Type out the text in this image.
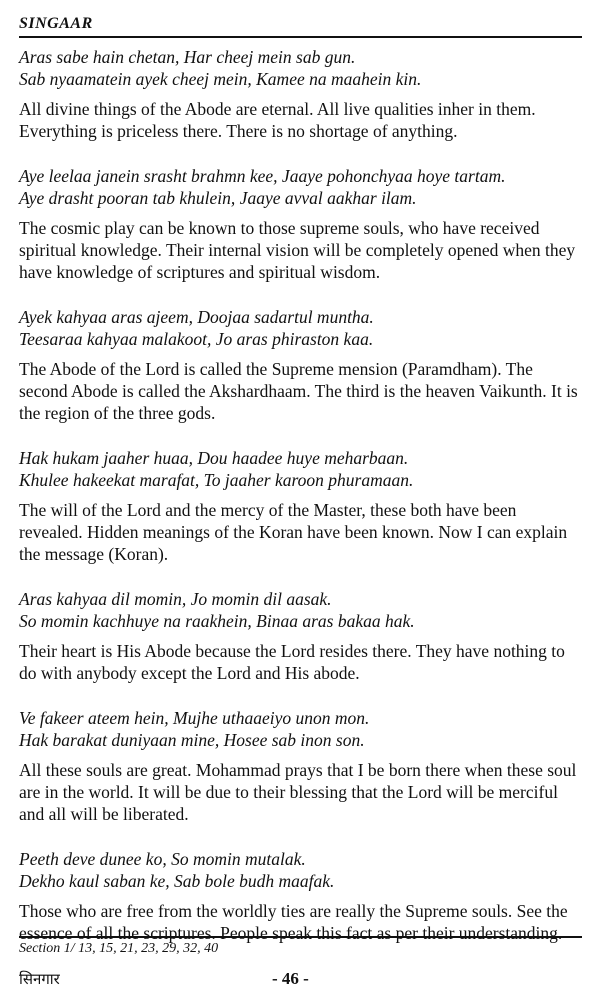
SINGAAR

Aras sabe hain chetan, Har cheej mein sab gun.

Sab nyaamatein ayek cheej mein, Kamee na maahein kin.

All divine things of the Abode are eternal. All live qualities inher in them. Everything is priceless there. There is no shortage of anything.

Aye leelaa janein srasht brahmn kee, Jaaye pohonchyaa hoye tartam.

Aye drasht pooran tab khulein, Jaaye avval aakhar ilam.

The cosmic play can be known to those supreme souls, who have received spiritual knowledge. Their internal vision will be completely opened when they have knowledge of scriptures and spiritual wisdom.

Ayek kahyaa aras ajeem, Doojaa sadartul muntha.

Teesaraa kahyaa malakoot, Jo aras phiraston kaa.

The Abode of the Lord is called the Supreme mension (Paramdham). The second Abode is called the Akshardhaam. The third is the heaven Vaikunth. It is the region of the three gods.

Hak hukam jaaher huaa, Dou haadee huye meharbaan.

Khulee hakeekat marafat, To jaaher karoon phuramaan.

The will of the Lord and the mercy of the Master, these both have been revealed. Hidden meanings of the Koran have been known. Now I can explain the message (Koran).

Aras kahyaa dil momin, Jo momin dil aasak.

So momin kachhuye na raakhein, Binaa aras bakaa hak.

Their heart is His Abode because the Lord resides there. They have nothing to do with anybody except the Lord and His abode.

Ve fakeer ateem hein, Mujhe uthaaeiyo unon mon.

Hak barakat duniyaan mine, Hosee sab inon son.

All these souls are great. Mohammad prays that I be born there when these soul are in the world. It will be due to their blessing that the Lord will be merciful and all will be liberated.

Peeth deve dunee ko, So momin mutalak.

Dekho kaul saban ke, Sab bole budh maafak.

Those who are free from the worldly ties are really the Supreme souls. See the essence of all the scriptures. People speak this fact as per their understanding.

Section 1/ 13, 15, 21, 23, 29, 32, 40
सिनगार	- 46 -
